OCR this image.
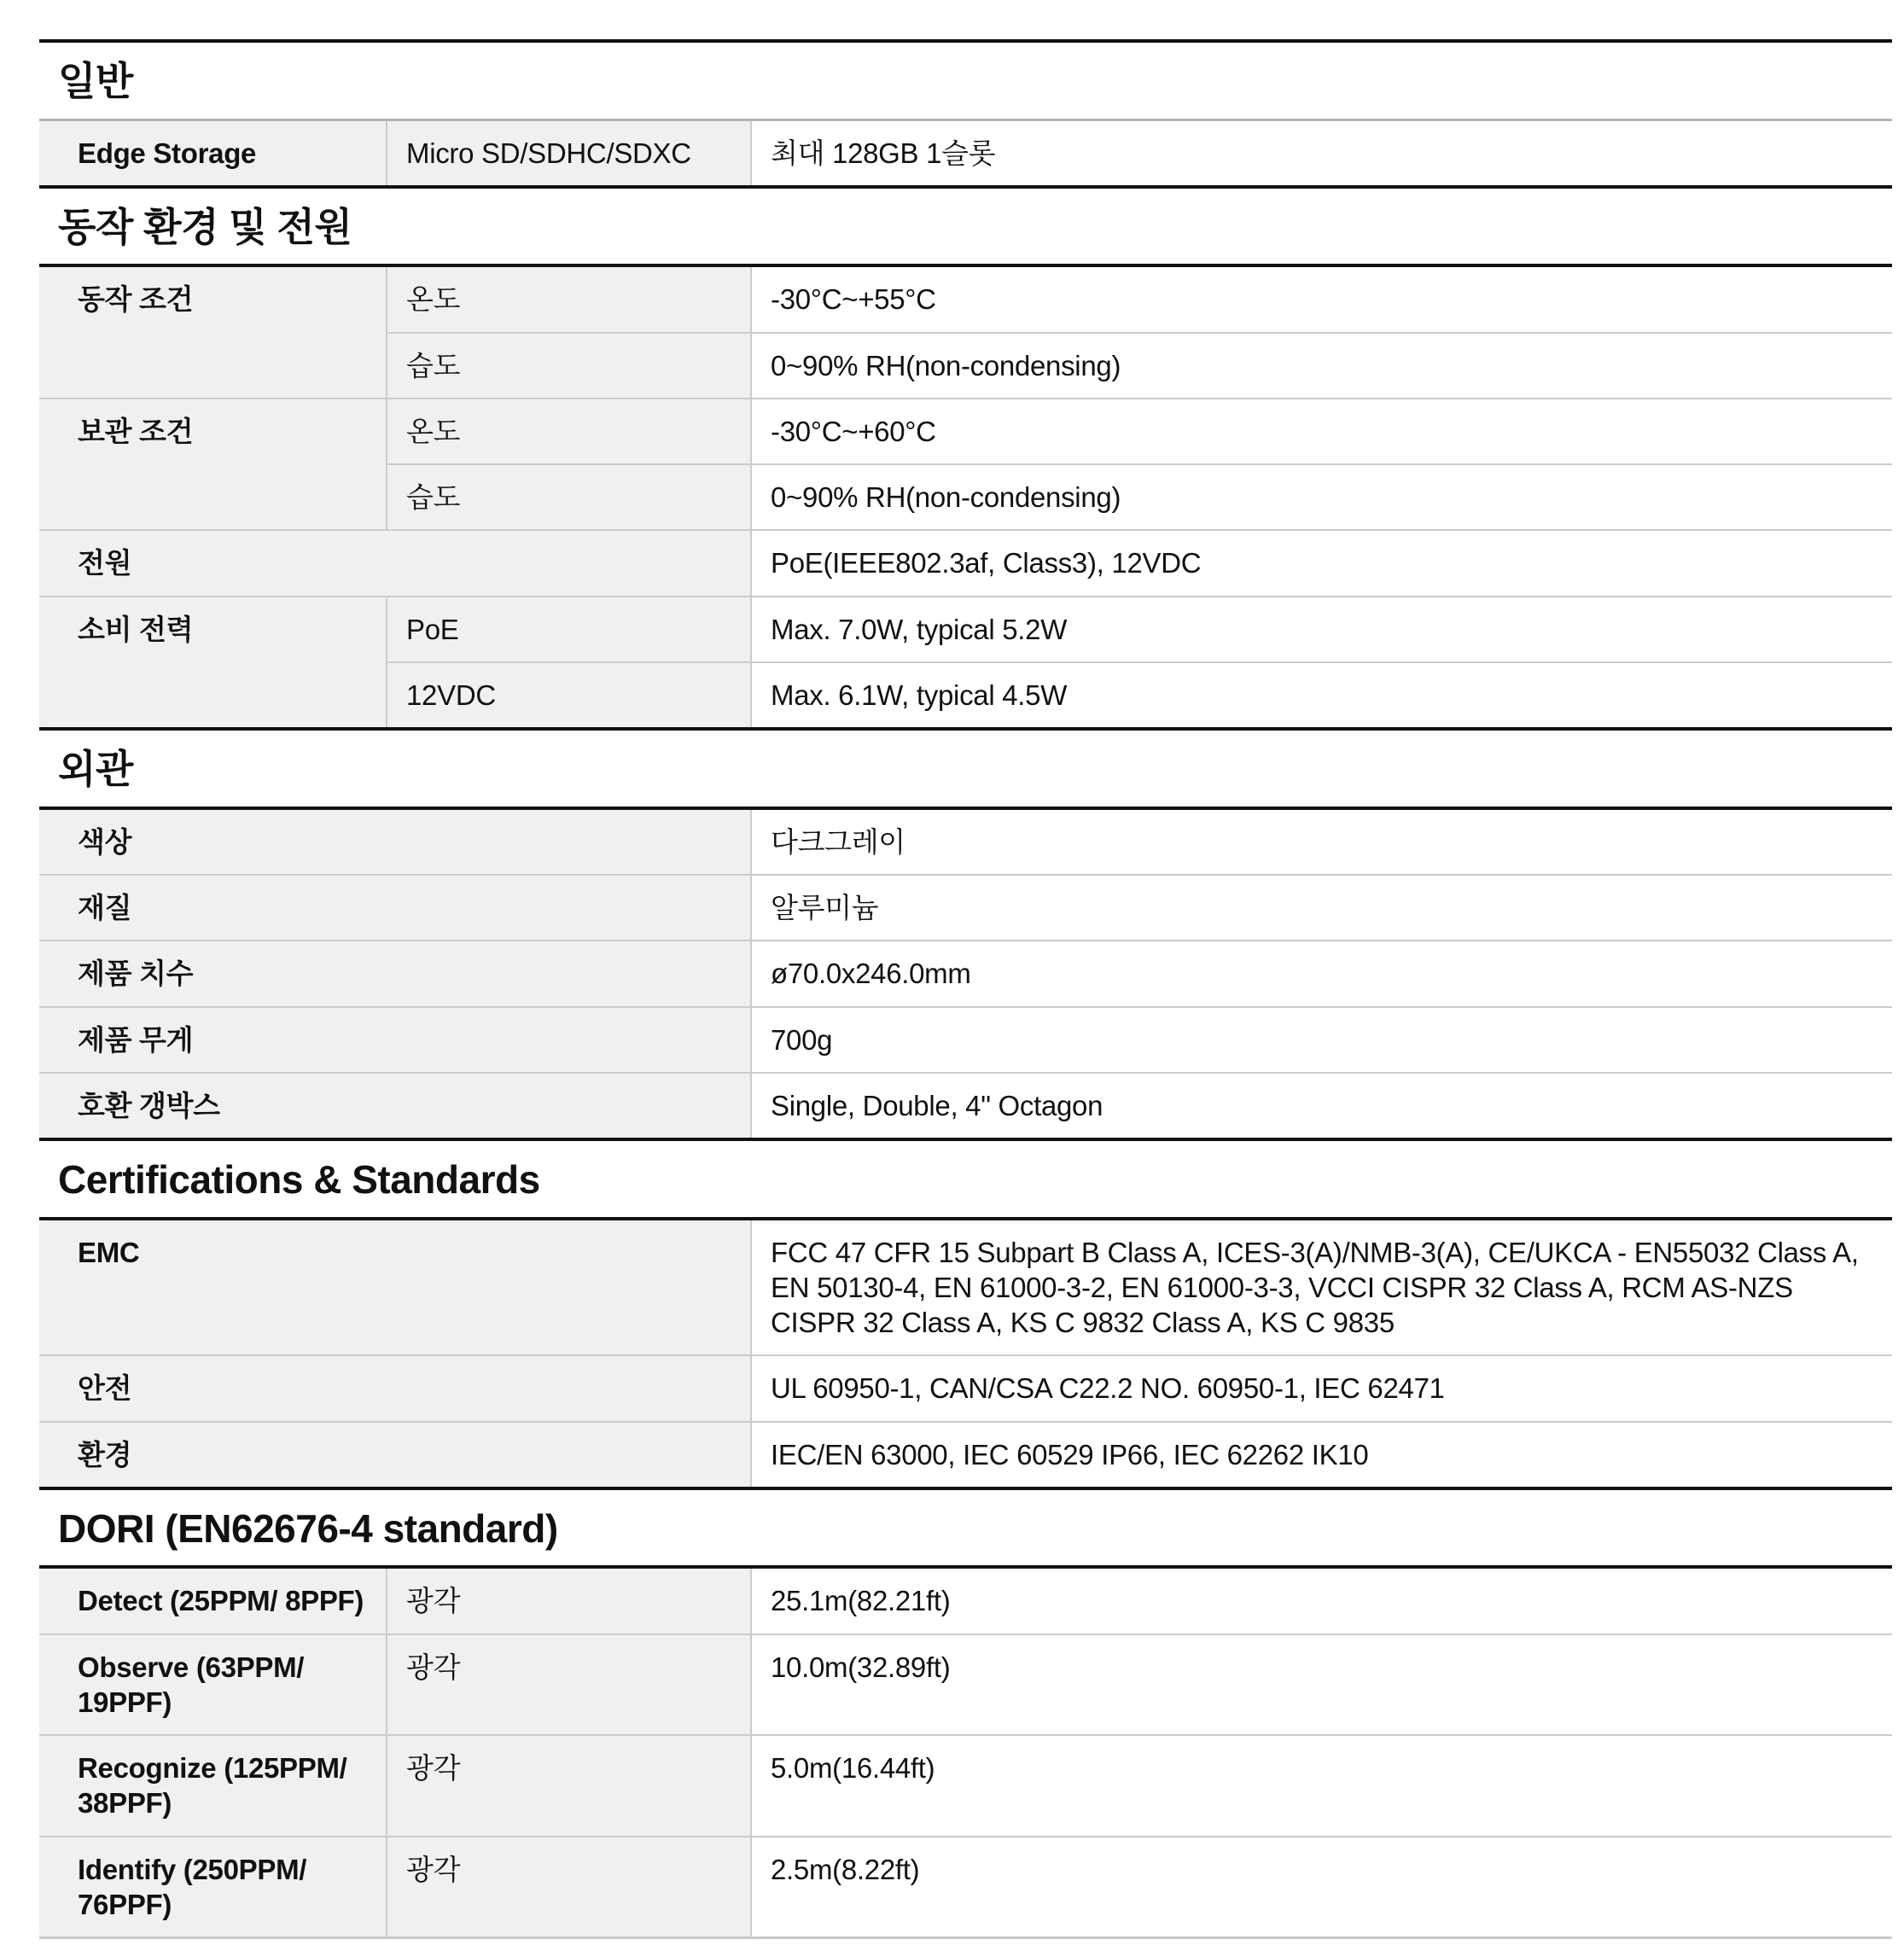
일반
Edge Storage	Micro SD/SDHC/SDXC	최대 128GB 1슬롯
동작 환경 및 전원
동작 조건	온도	-30°C~+55°C
	습도	0~90% RH(non-condensing)
보관 조건	온도	-30°C~+60°C
	습도	0~90% RH(non-condensing)
전원		PoE(IEEE802.3af, Class3), 12VDC
소비 전력	PoE	Max. 7.0W, typical 5.2W
	12VDC	Max. 6.1W, typical 4.5W
외관
색상	다크그레이
재질	알루미늄
제품 치수	ø70.0x246.0mm
제품 무게	700g
호환 갱박스	Single, Double, 4" Octagon
Certifications & Standards
EMC	FCC 47 CFR 15 Subpart B Class A, ICES-3(A)/NMB-3(A), CE/UKCA - EN55032 Class A, EN 50130-4, EN 61000-3-2, EN 61000-3-3, VCCI CISPR 32 Class A, RCM AS-NZS CISPR 32 Class A, KS C 9832 Class A, KS C 9835
안전	UL 60950-1, CAN/CSA C22.2 NO. 60950-1, IEC 62471
환경	IEC/EN 63000, IEC 60529 IP66, IEC 62262 IK10
DORI (EN62676-4 standard)
Detect (25PPM/ 8PPF)	광각	25.1m(82.21ft)
Observe (63PPM/ 19PPF)	광각	10.0m(32.89ft)
Recognize (125PPM/ 38PPF)	광각	5.0m(16.44ft)
Identify (250PPM/ 76PPF)	광각	2.5m(8.22ft)
